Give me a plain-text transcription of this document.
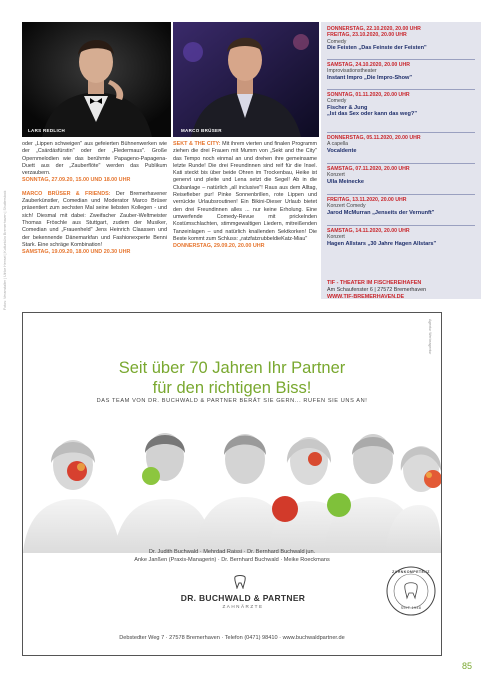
Fotos: Veranstalter | Ulrike Hensel | Kulturbüro Bremerhaven | Shutterstock
LARS REDLICH	MARCO BRÜSER

oder „Lippen schweigen" aus gefeierten Bühnenwerken wie der „Csárdásfürstin" oder der „Fledermaus". Große Opernmelodien wie das berühmte Papageno-Papagena-Duett aus der „Zauberflöte" werden das Publikum verzaubern.

SONNTAG, 27.09.20, 15.00 UND 18.00 UHR

MARCO BRÜSER & FRIENDS: Der Bremerhavener Zauberkünstler, Comedian und Moderator Marco Brüser präsentiert zum sechsten Mal seine liebsten Kollegen - und sich! Diesmal mit dabei: Zweifacher Zauber-Weltmeister Thomas Fröschle aus Stuttgart, zudem der Musiker, Comedian und „Frauenheld" Jens Heinrich Claassen und der bekennende Dänemarkfan und Fashionexperte Benni Stark. Eine schräge Kombination!

SAMSTAG, 19.09.20, 18.00 UND 20.30 UHR

SEKT & THE CITY: Mit ihrem vierten und finalen Programm ziehen die drei Frauen mit Mumm von „Sekt and the City" das Tempo noch einmal an und drehen ihre gemeinsame letzte Runde! Die drei Freundinnen sind reif für die Insel. Kati steckt bis über beide Ohren im Trockenbau, Heike ist genervt und pleite und Lena setzt die Segel! Ab in die Clubanlage – natürlich „all inclusive"! Raus aus dem Alltag, Reisefieber pur! Pinke Sonnenbrillen, rote Lippen und verrückte Urlaubsroutinen! Ein Bikini-Dieser Urlaub bietet den drei Freundinnen alles ... nur keine Erholung. Eine umwerfende Comedy-Revue mit prickelnden Kostümschlachten, stimmgewaltigen Liedern, mitreißenden Tanzeinlagen – und natürlich knallenden Sektkorken! Die Beste kommt zum Schluss: „ratzfatzrubbeldieKatz-Miau"

DONNERSTAG, 29.09.20, 20.00 UHR

DONNERSTAG, 22.10.2020, 20.00 UHR
FREITAG, 23.10.2020, 20.00 UHR
Comedy
Die Feisten „Das Feinste der Feisten"
SAMSTAG, 24.10.2020, 20.00 UHR
Improvisationstheater
Instant Impro „Die Impro-Show"
SONNTAG, 01.11.2020, 20.00 UHR
Comedy
Fischer & Jung
„Ist das Sex oder kann das weg?"
DONNERSTAG, 05.11.2020, 20.00 UHR
A capella
Vocaldente
SAMSTAG, 07.11.2020, 20.00 UHR
Konzert
Ulla Meinecke
FREITAG, 13.11.2020, 20.00 UHR
Konzert Comedy
Jarod McMurran „Jenseits der Vernunft"
SAMSTAG, 14.11.2020, 20.00 UHR
Konzert
Hagen Allstars „30 Jahre Hagen Allstars"
TIF - THEATER IM FISCHEREIHAFEN
Am Schaufenster 6 | 27572 Bremerhaven
WWW.TIF-BREMERHAVEN.DE
Seit über 70 Jahren Ihr Partner
für den richtigen Biss!
DAS TEAM VON DR. BUCHWALD & PARTNER BERÄT SIE GERN... RUFEN SIE UNS AN!
Agentur Werbeagentur
Dr. Judith Buchwald · Mehrdad Raissi · Dr. Bernhard Buchwald jun.
Anke Janßen (Praxis-Managerin) · Dr. Bernhard Buchwald · Meike Roeckmans
DR. BUCHWALD & PARTNER
ZAHNÄRZTE
ZAHNKOMPETENZ
SEIT 1948
Debstedter Weg 7 · 27578 Bremerhaven · Telefon (0471) 98410 · www.buchwaldpartner.de
85
